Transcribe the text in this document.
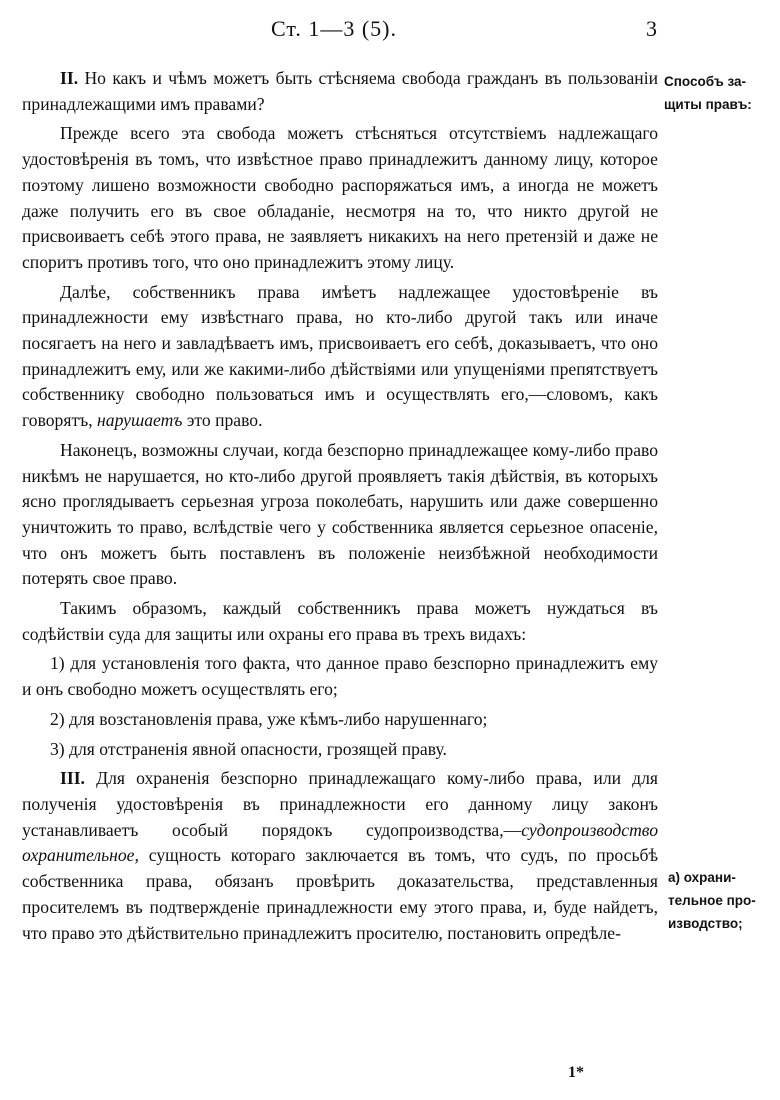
Ст. 1—3 (5).	3

II. Но какъ и чѣмъ можетъ быть стѣсняема свобода гражданъ въ пользованіи принадлежащими имъ правами?

Прежде всего эта свобода можетъ стѣсняться отсутствіемъ надлежащаго удостовѣренія въ томъ, что извѣстное право принадлежитъ данному лицу, которое поэтому лишено возможности свободно распоряжаться имъ, а иногда не можетъ даже получить его въ свое обладаніе, несмотря на то, что никто другой не присвоиваетъ себѣ этого права, не заявляетъ никакихъ на него претензій и даже не споритъ противъ того, что оно принадлежитъ этому лицу.

Далѣе, собственникъ права имѣетъ надлежащее удостовѣреніе въ принадлежности ему извѣстнаго права, но кто-либо другой такъ или иначе посягаетъ на него и завладѣваетъ имъ, присвоиваетъ его себѣ, доказываетъ, что оно принадлежитъ ему, или же какими-либо дѣйствіями или упущеніями препятствуетъ собственнику свободно пользоваться имъ и осуществлять его,—словомъ, какъ говорятъ, нарушаетъ это право.

Наконецъ, возможны случаи, когда безспорно принадлежащее кому-либо право никѣмъ не нарушается, но кто-либо другой проявляетъ такія дѣйствія, въ которыхъ ясно проглядываетъ серьезная угроза поколебать, нарушить или даже совершенно уничтожить то право, вслѣдствіе чего у собственника является серьезное опасеніе, что онъ можетъ быть поставленъ въ положеніе неизбѣжной необходимости потерять свое право.

Такимъ образомъ, каждый собственникъ права можетъ нуждаться въ содѣйствіи суда для защиты или охраны его права въ трехъ видахъ:

1) для установленія того факта, что данное право безспорно принадлежитъ ему и онъ свободно можетъ осуществлять его;

2) для возстановленія права, уже кѣмъ-либо нарушеннаго;

3) для отстраненія явной опасности, грозящей праву.

III. Для охраненія безспорно принадлежащаго кому-либо права, или для полученія удостовѣренія въ принадлежности его данному лицу законъ устанавливаетъ особый порядокъ судопроизводства,—судопроизводство охранительное, сущность котораго заключается въ томъ, что судъ, по просьбѣ собственника права, обязанъ провѣрить доказательства, представленныя просителемъ въ подтвержденіе принадлежности ему этого права, и, буде найдетъ, что право это дѣйствительно принадлежитъ просителю, постановить опредѣле-

Способъ за-
щиты правъ:
а) охрани-
тельное про-
изводство;
1*
